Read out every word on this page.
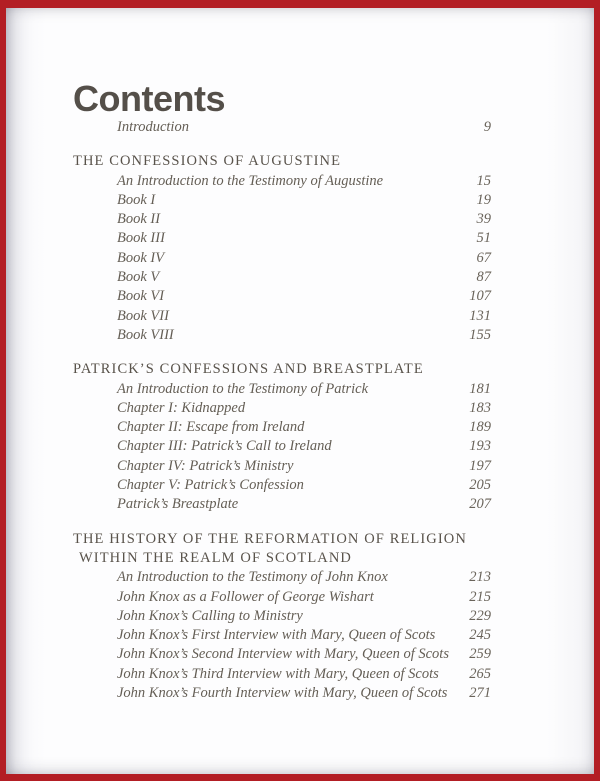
Contents
Introduction	9
THE CONFESSIONS OF AUGUSTINE
An Introduction to the Testimony of Augustine	15
Book I	19
Book II	39
Book III	51
Book IV	67
Book V	87
Book VI	107
Book VII	131
Book VIII	155
PATRICK’S CONFESSIONS AND BREASTPLATE
An Introduction to the Testimony of Patrick	181
Chapter I: Kidnapped	183
Chapter II: Escape from Ireland	189
Chapter III: Patrick’s Call to Ireland	193
Chapter IV: Patrick’s Ministry	197
Chapter V: Patrick’s Confession	205
Patrick’s Breastplate	207
THE HISTORY OF THE REFORMATION OF RELIGION
WITHIN THE REALM OF SCOTLAND
An Introduction to the Testimony of John Knox	213
John Knox as a Follower of George Wishart	215
John Knox’s Calling to Ministry	229
John Knox’s First Interview with Mary, Queen of Scots 245
John Knox’s Second Interview with Mary, Queen of Scots 259
John Knox’s Third Interview with Mary, Queen of Scots 265
John Knox’s Fourth Interview with Mary, Queen of Scots 271
